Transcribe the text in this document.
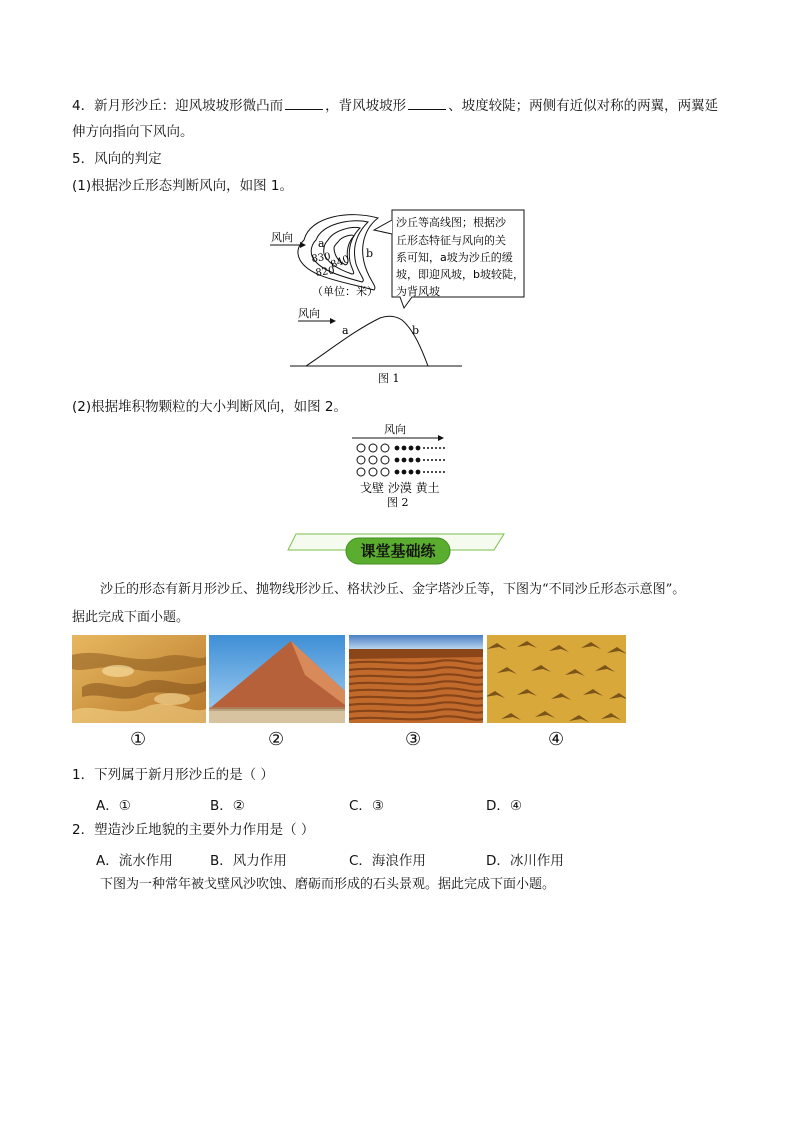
4．新月形沙丘：迎风坡坡形微凸而	，背风坡坡形	、坡度较陡；两侧有近似对称的两翼，两翼延
伸方向指向下风向。
5．风向的判定
(1)根据沙丘形态判断风向，如图 1。
a
b
830
840
820
风向
（单位：米）
沙丘等高线图；根据沙
丘形态特征与风向的关
系可知，a坡为沙丘的缓
坡，即迎风坡，b坡较陡，
为背风坡
风向
a	b
图 1
(2)根据堆积物颗粒的大小判断风向，如图 2。
风向
戈壁 沙漠 黄土
图 2
课堂基础练
沙丘的形态有新月形沙丘、抛物线形沙丘、格状沙丘、金字塔沙丘等，下图为“不同沙丘形态示意图”。
据此完成下面小题。
①	②	③	④
1．下列属于新月形沙丘的是（ ）
A．①	B．②	C．③	D．④
2．塑造沙丘地貌的主要外力作用是（ ）
A．流水作用	B．风力作用	C．海浪作用	D．冰川作用
下图为一种常年被戈壁风沙吹蚀、磨砺而形成的石头景观。据此完成下面小题。
